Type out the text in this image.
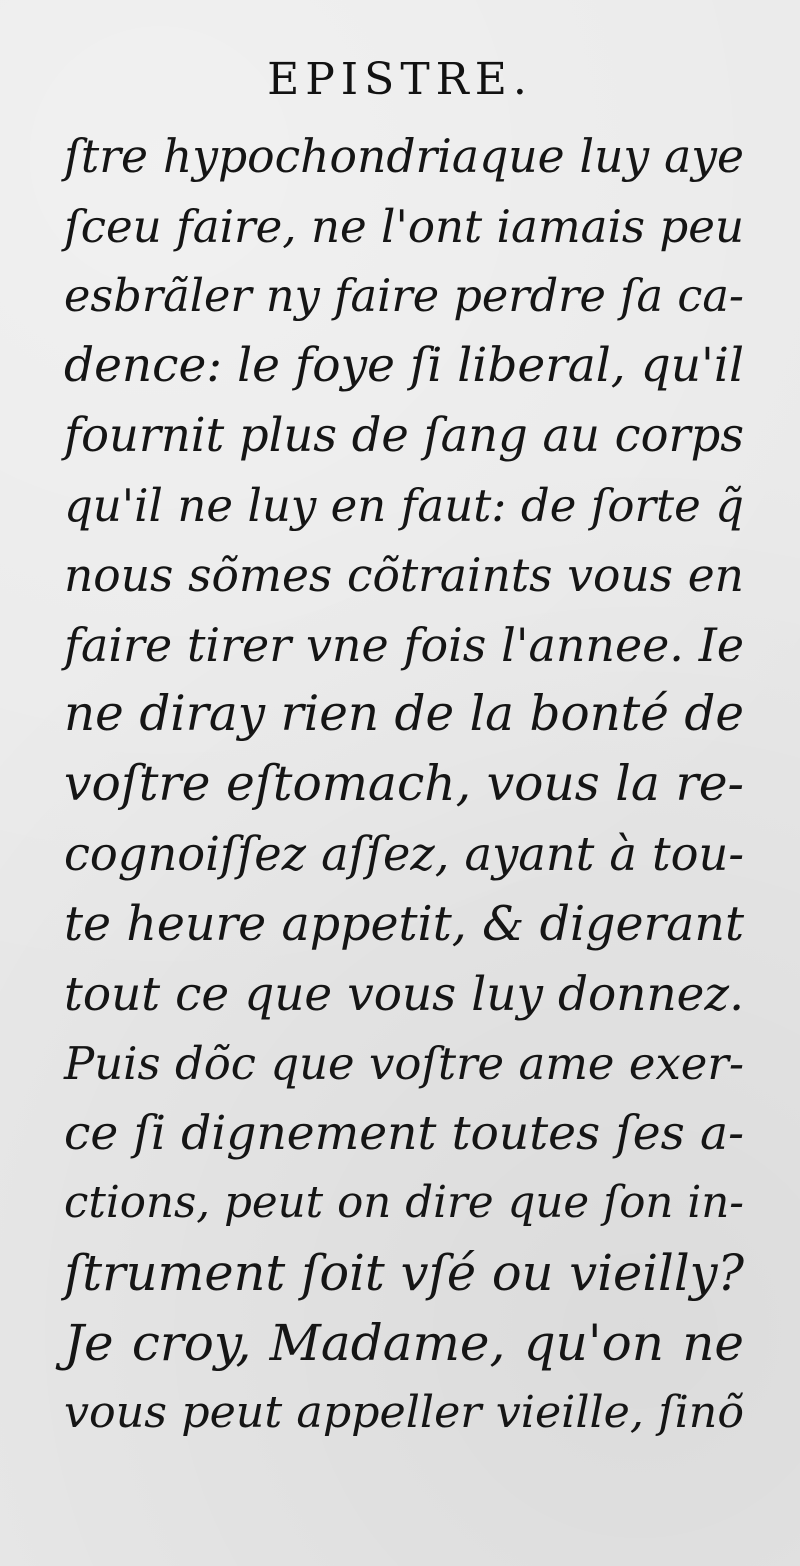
EPISTRE.
ſtre hypochondriaque luy aye
ſceu faire, ne l'ont iamais peu
esbrãler ny faire perdre ſa ca-
dence: le foye ſi liberal, qu'il
fournit plus de ſang au corps
qu'il ne luy en faut: de ſorte q̃
nous sõmes cõtraints vous en
faire tirer vne fois l'annee. Ie
ne diray rien de la bonté de
voſtre eſtomach, vous la re-
cognoiſſez aſſez, ayant à tou-
te heure appetit, & digerant
tout ce que vous luy donnez.
Puis dõc que voſtre ame exer-
ce ſi dignement toutes ſes a-
ctions, peut on dire que ſon in-
ſtrument ſoit vſé ou vieilly?
Je croy, Madame, qu'on ne
vous peut appeller vieille, ſinõ
